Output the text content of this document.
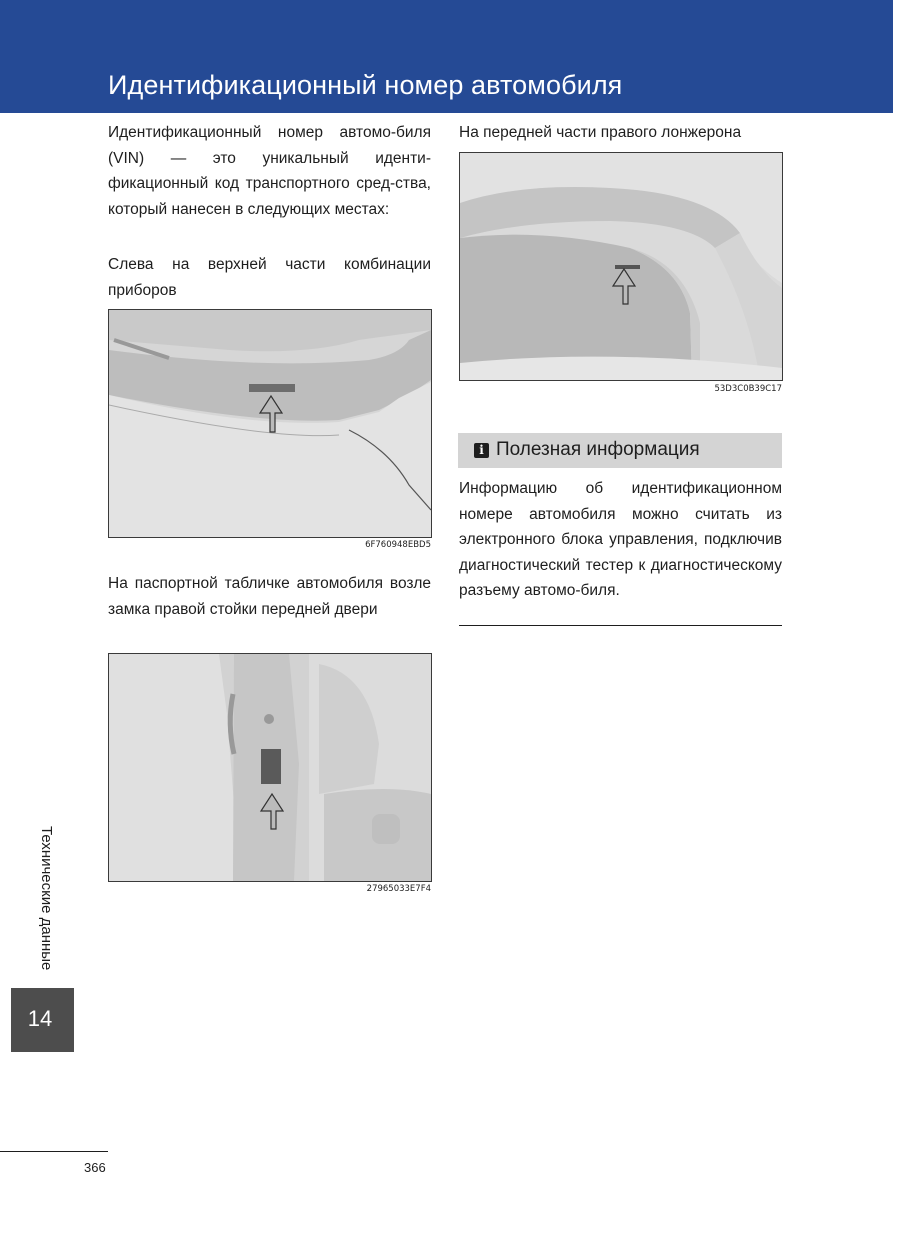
Идентификационный номер автомобиля

Идентификационный номер автомо-биля (VIN) — это уникальный иденти-фикационный код транспортного сред-ства, который нанесен в следующих местах:

Слева на верхней части комбинации приборов

6F760948EBD5

На паспортной табличке автомобиля возле замка правой стойки передней двери

27965033E7F4

На передней части правого лонжерона

53D3C0B39C17
i Полезная информация

Информацию об идентификационном номере автомобиля можно считать из электронного блока управления, подключив диагностический тестер к диагностическому разъему автомо-биля.

Технические данные
14
366
